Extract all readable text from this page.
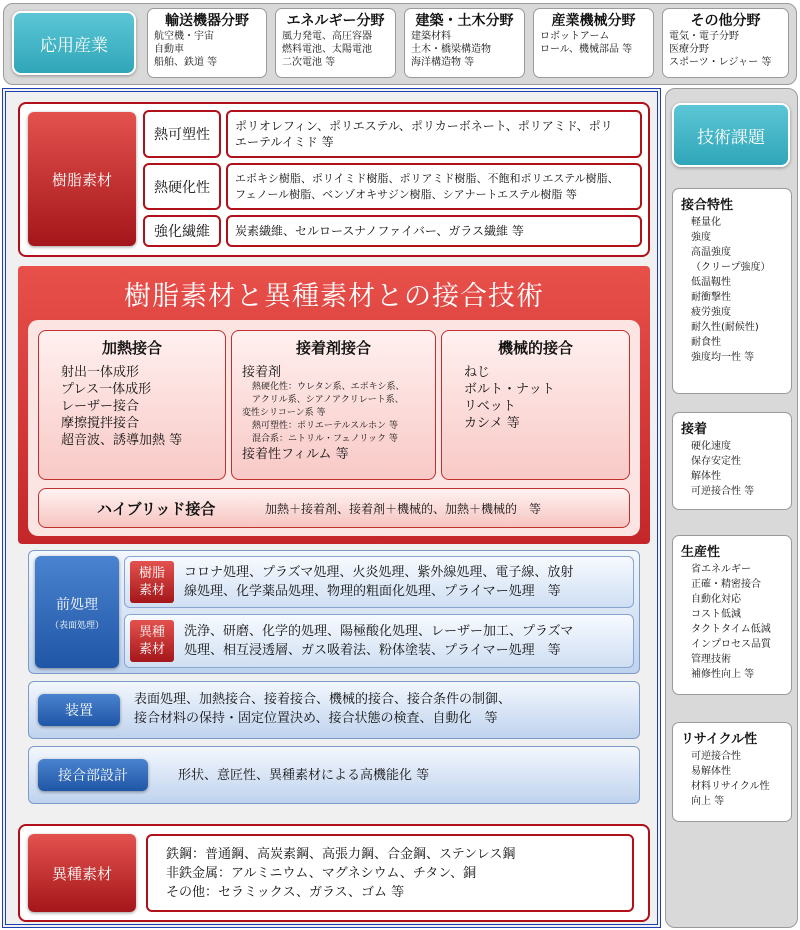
応用産業
輸送機器分野
航空機・宇宙
自動車
船舶、鉄道 等
エネルギー分野
風力発電、高圧容器
燃料電池、太陽電池
二次電池 等
建築・土木分野
建築材料
土木・橋梁構造物
海洋構造物 等
産業機械分野
ロボットアーム
ロール、機械部品 等
その他分野
電気・電子分野
医療分野
スポーツ・レジャー 等
樹脂素材
熱可塑性
ポリオレフィン、ポリエステル、ポリカーボネート、ポリアミド、ポリ
エーテルイミド 等
熱硬化性
エポキシ樹脂、ポリイミド樹脂、ポリアミド樹脂、不飽和ポリエステル樹脂、
フェノール樹脂、ベンゾオキサジン樹脂、シアナートエステル樹脂 等
強化繊維	炭素繊維、セルロースナノファイバー、ガラス繊維 等
樹脂素材と異種素材との接合技術
加熱接合
射出一体成形
プレス一体成形
レーザー接合
摩擦撹拌接合
超音波、誘導加熱 等
接着剤接合
接着剤
熱硬化性：ウレタン系、エポキシ系、
アクリル系、シアノアクリレート系、
変性シリコーン系 等
熱可塑性：ポリエーテルスルホン 等
混合系：ニトリル・フェノリック 等
接着性フィルム 等
機械的接合
ねじ
ボルト・ナット
リベット
カシメ 等
ハイブリッド接合	加熱＋接着剤、接着剤＋機械的、加熱＋機械的　等
前処理
（表面処理）
樹脂
素材
コロナ処理、プラズマ処理、火炎処理、紫外線処理、電子線、放射
線処理、化学薬品処理、物理的粗面化処理、プライマー処理　等
異種
素材
洗浄、研磨、化学的処理、陽極酸化処理、レーザー加工、プラズマ
処理、相互浸透層、ガス吸着法、粉体塗装、プライマー処理　等
装置
表面処理、加熱接合、接着接合、機械的接合、接合条件の制御、
接合材料の保持・固定位置決め、接合状態の検査、自動化　等
接合部設計	形状、意匠性、異種素材による高機能化 等
異種素材
鉄鋼：普通鋼、高炭素鋼、高張力鋼、合金鋼、ステンレス鋼
非鉄金属：アルミニウム、マグネシウム、チタン、銅
その他：セラミックス、ガラス、ゴム 等
技術課題
接合特性
軽量化
強度
高温強度
（クリープ強度）
低温靱性
耐衝撃性
疲労強度
耐久性(耐候性)
耐食性
強度均一性 等
接着
硬化速度
保存安定性
解体性
可逆接合性 等
生産性
省エネルギー
正確・精密接合
自動化対応
コスト低減
タクトタイム低減
インプロセス品質
管理技術
補修性向上 等
リサイクル性
可逆接合性
易解体性
材料リサイクル性
向上 等
